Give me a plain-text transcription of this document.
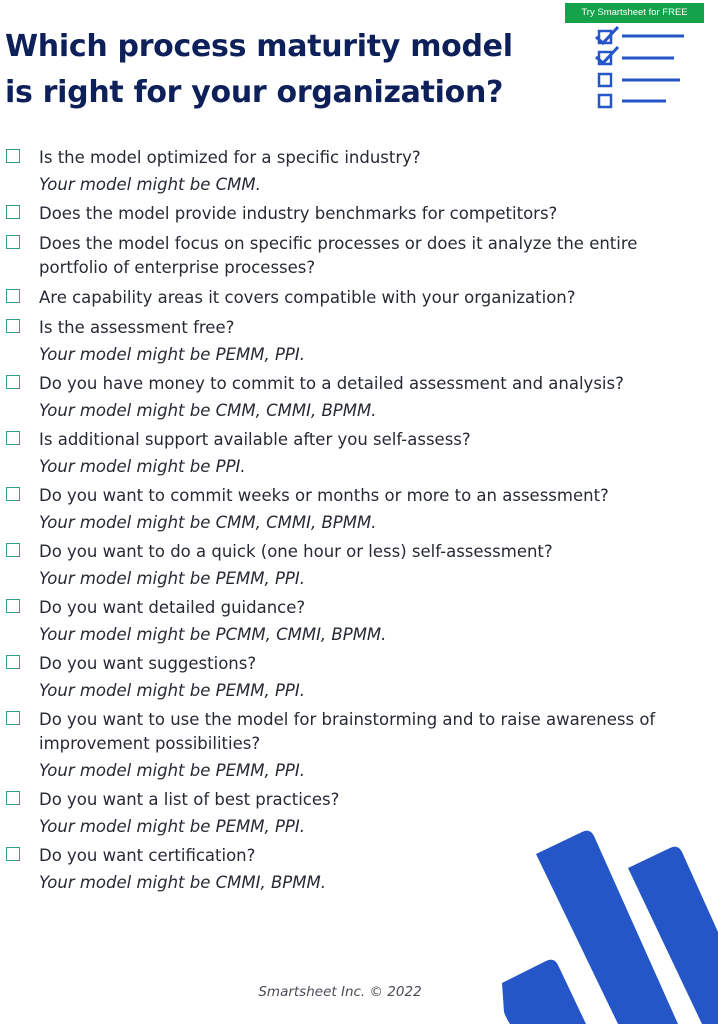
Try Smartsheet for FREE
Which process maturity model
is right for your organization?
Is the model optimized for a specific industry?
Your model might be CMM.
Does the model provide industry benchmarks for competitors?
Does the model focus on specific processes or does it analyze the entire portfolio of enterprise processes?
Are capability areas it covers compatible with your organization?
Is the assessment free?
Your model might be PEMM, PPI.
Do you have money to commit to a detailed assessment and analysis?
Your model might be CMM, CMMI, BPMM.
Is additional support available after you self-assess?
Your model might be PPI.
Do you want to commit weeks or months or more to an assessment?
Your model might be CMM, CMMI, BPMM.
Do you want to do a quick (one hour or less) self-assessment?
Your model might be PEMM, PPI.
Do you want detailed guidance?
Your model might be PCMM, CMMI, BPMM.
Do you want suggestions?
Your model might be PEMM, PPI.
Do you want to use the model for brainstorming and to raise awareness of improvement possibilities?
Your model might be PEMM, PPI.
Do you want a list of best practices?
Your model might be PEMM, PPI.
Do you want certification?
Your model might be CMMI, BPMM.
Smartsheet Inc. © 2022
